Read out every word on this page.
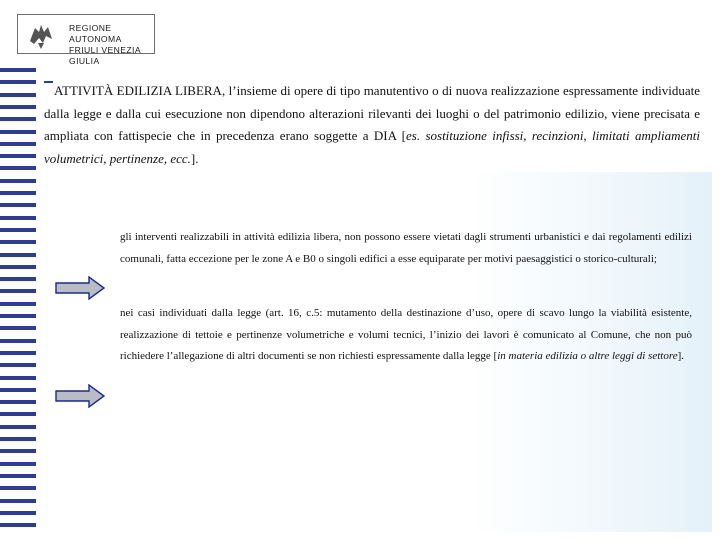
REGIONE AUTONOMA
FRIULI VENEZIA GIULIA
ATTIVITÀ EDILIZIA LIBERA, l’insieme di opere di tipo manutentivo o di nuova realizzazione espressamente individuate dalla legge e dalla cui esecuzione non dipendono alterazioni rilevanti dei luoghi o del patrimonio edilizio, viene precisata e ampliata con fattispecie che in precedenza erano soggette a DIA [es. sostituzione infissi, recinzioni, limitati ampliamenti volumetrici, pertinenze, ecc.].
gli interventi realizzabili in attività edilizia libera, non possono essere vietati dagli strumenti urbanistici e dai regolamenti edilizi comunali, fatta eccezione per le zone A e B0 o singoli edifici a esse equiparate per motivi paesaggistici o storico-culturali;
nei casi individuati dalla legge (art. 16, c.5: mutamento della destinazione d’uso, opere di scavo lungo la viabilità esistente, realizzazione di tettoie e pertinenze volumetriche e volumi tecnici, l’inizio dei lavori è comunicato al Comune, che non può richiedere l’allegazione di altri documenti se non richiesti espressamente dalla legge [in materia edilizia o altre leggi di settore].
